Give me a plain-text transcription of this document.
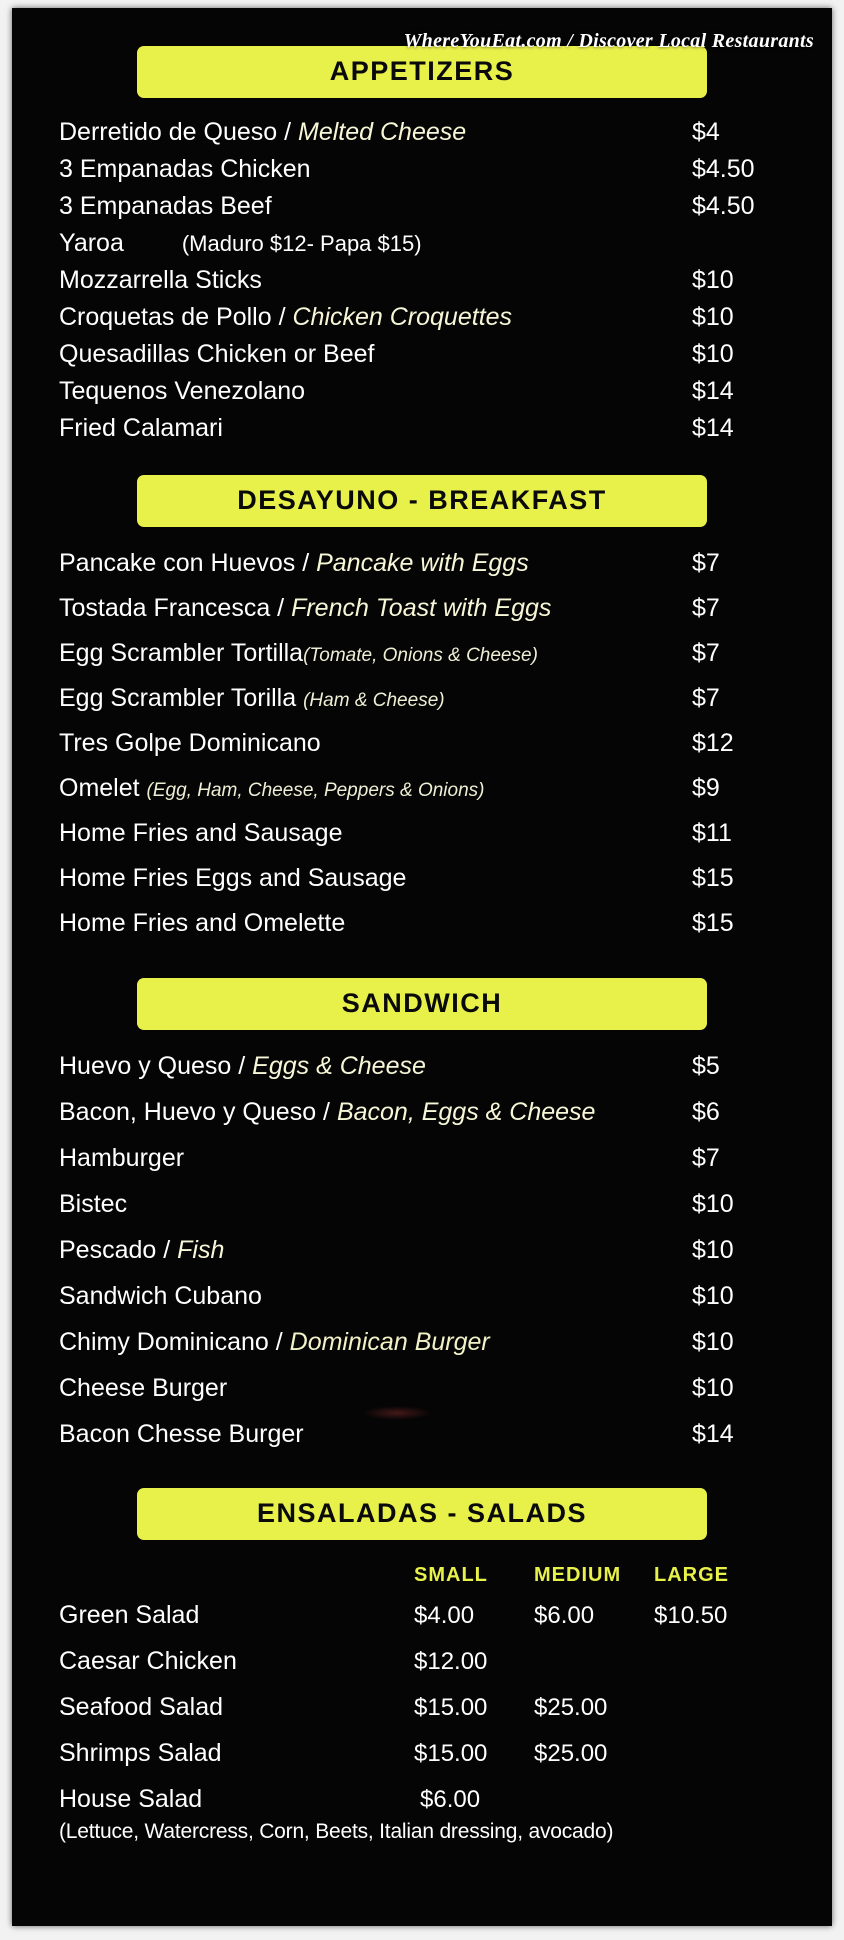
WhereYouEat.com / Discover Local Restaurants
APPETIZERS
Derretido de Queso / Melted Cheese	$4
3 Empanadas Chicken	$4.50
3 Empanadas Beef	$4.50
Yaroa	(Maduro $12- Papa $15)
Mozzarrella Sticks	$10
Croquetas de Pollo / Chicken Croquettes	$10
Quesadillas Chicken or Beef	$10
Tequenos Venezolano	$14
Fried Calamari	$14
DESAYUNO - BREAKFAST
Pancake con Huevos / Pancake with Eggs	$7
Tostada Francesca / French Toast with Eggs	$7
Egg Scrambler Tortilla(Tomate, Onions & Cheese)	$7
Egg Scrambler Torilla (Ham & Cheese)	$7
Tres Golpe Dominicano	$12
Omelet (Egg, Ham, Cheese, Peppers & Onions)	$9
Home Fries and Sausage	$11
Home Fries Eggs and Sausage	$15
Home Fries and Omelette	$15
SANDWICH
Huevo y Queso / Eggs & Cheese	$5
Bacon, Huevo y Queso / Bacon, Eggs & Cheese	$6
Hamburger	$7
Bistec	$10
Pescado / Fish	$10
Sandwich Cubano	$10
Chimy Dominicano / Dominican Burger	$10
Cheese Burger	$10
Bacon Chesse Burger	$14
ENSALADAS - SALADS
SMALL	MEDIUM	LARGE
Green Salad	$4.00	$6.00	$10.50
Caesar Chicken	$12.00
Seafood Salad	$15.00	$25.00
Shrimps Salad	$15.00	$25.00
House Salad	$6.00
(Lettuce, Watercress, Corn, Beets, Italian dressing, avocado)
